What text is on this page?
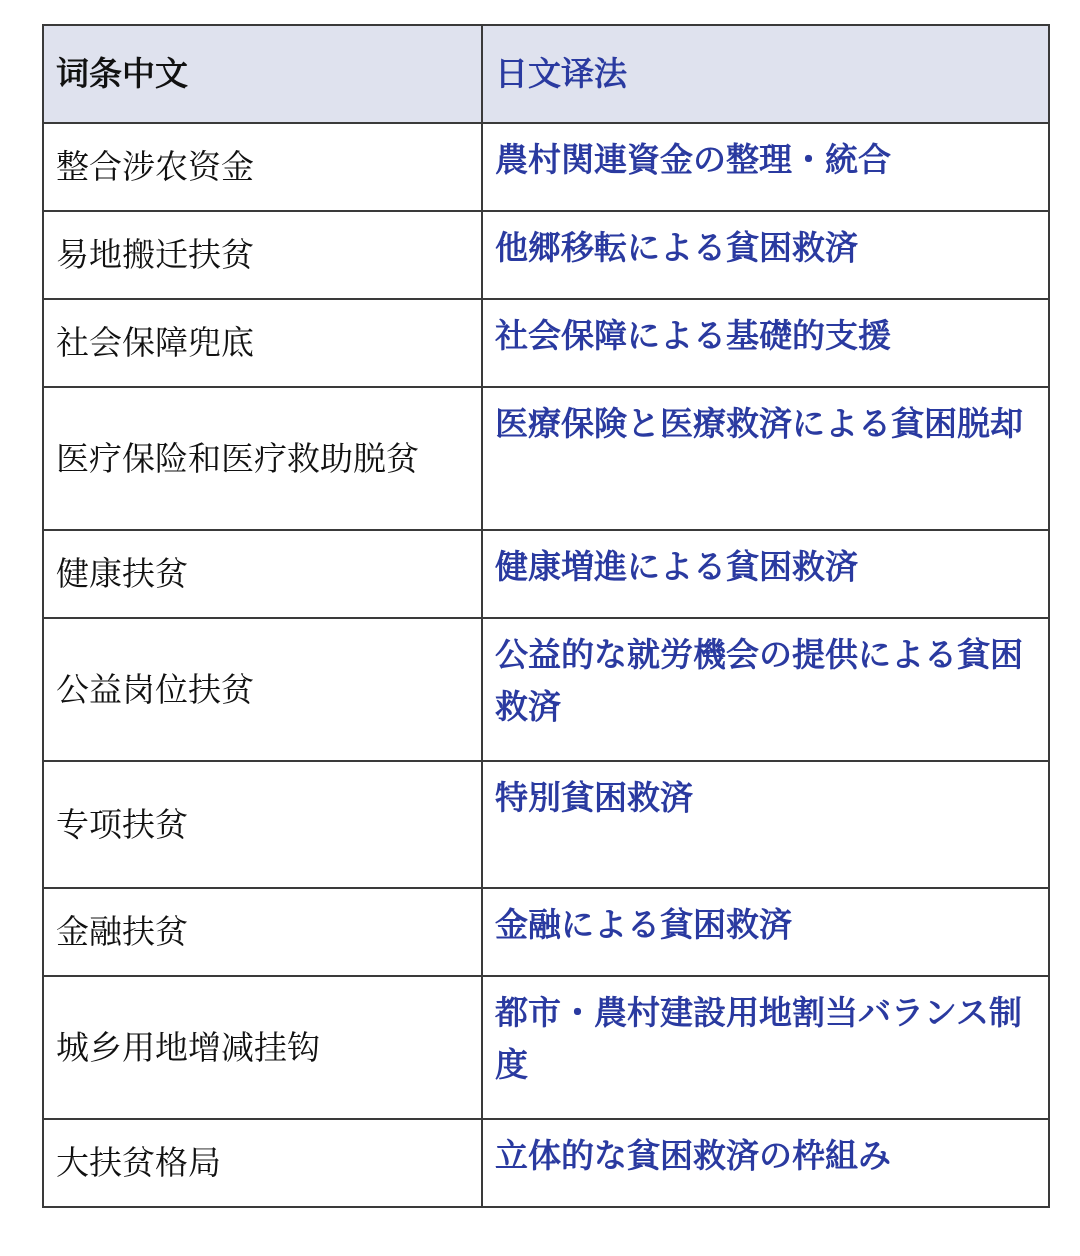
词条中文	日文译法
整合涉农资金	農村関連資金の整理・統合
易地搬迁扶贫	他郷移転による貧困救済
社会保障兜底	社会保障による基礎的支援
医疗保险和医疗救助脱贫	医療保険と医療救済による貧困脱却
健康扶贫	健康増進による貧困救済
公益岗位扶贫	公益的な就労機会の提供による貧困救済
专项扶贫	特別貧困救済
金融扶贫	金融による貧困救済
城乡用地增减挂钩	都市・農村建設用地割当バランス制度
大扶贫格局	立体的な貧困救済の枠組み
